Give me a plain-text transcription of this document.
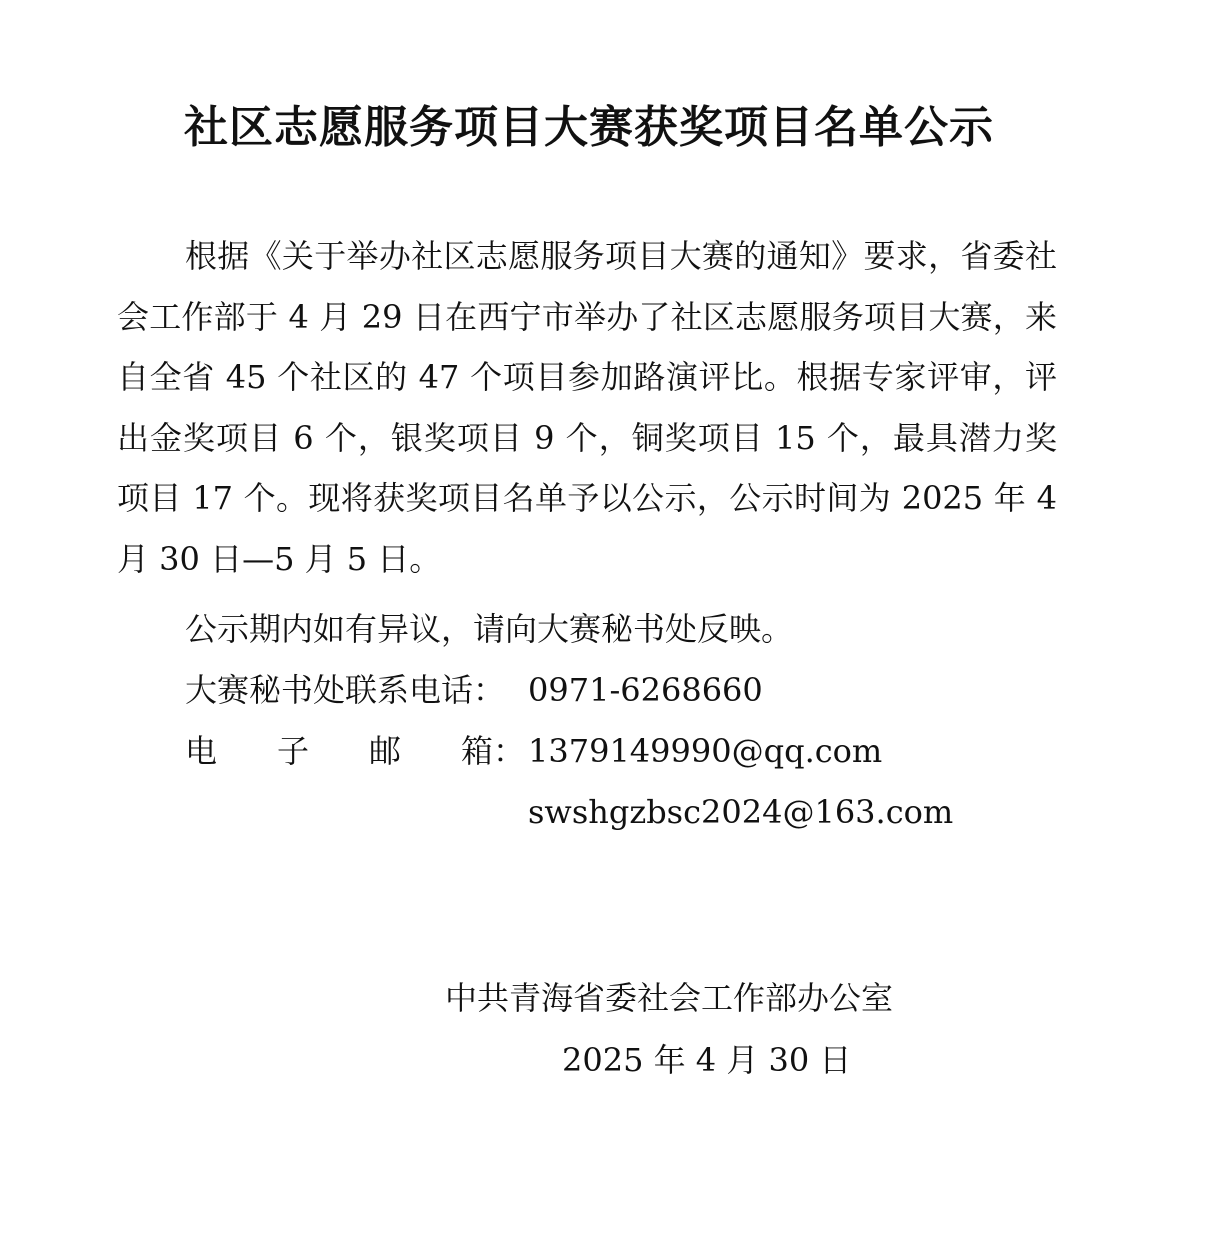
社区志愿服务项目大赛获奖项目名单公示
根据《关于举办社区志愿服务项目大赛的通知》要求，省委社会工作部于 4 月 29 日在西宁市举办了社区志愿服务项目大赛，来自全省 45 个社区的 47 个项目参加路演评比。根据专家评审，评出金奖项目 6 个，银奖项目 9 个，铜奖项目 15 个，最具潜力奖项目 17 个。现将获奖项目名单予以公示，公示时间为 2025 年 4 月 30 日—5 月 5 日。
公示期内如有异议，请向大赛秘书处反映。
大赛秘书处联系电话： 0971-6268660
电 子 邮 箱： 1379149990@qq.com
swshgzbsc2024@163.com
中共青海省委社会工作部办公室
2025 年 4 月 30 日
